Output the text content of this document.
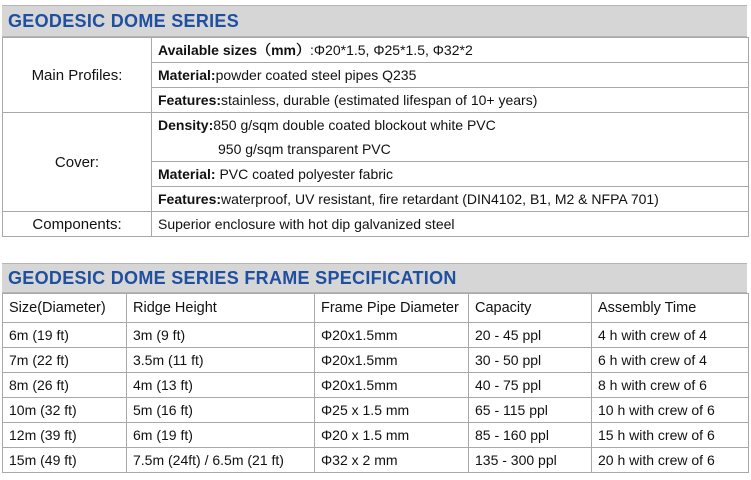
GEODESIC DOME SERIES
Main Profiles:	Available sizes（mm）:Φ20*1.5, Φ25*1.5, Φ32*2
	Material:powder coated steel pipes Q235
	Features:stainless, durable (estimated lifespan of 10+ years)
Cover:	Density:850 g/sqm double coated blockout white PVC
	950 g/sqm transparent PVC
	Material: PVC coated polyester fabric
	Features:waterproof, UV resistant, fire retardant (DIN4102, B1, M2 & NFPA 701)
Components:	Superior enclosure with hot dip galvanized steel
GEODESIC DOME SERIES FRAME SPECIFICATION
Size(Diameter)	Ridge Height	Frame Pipe Diameter	Capacity	Assembly Time
6m (19 ft)	3m (9 ft)	Φ20x1.5mm	20 - 45 ppl	4 h with crew of 4
7m (22 ft)	3.5m (11 ft)	Φ20x1.5mm	30 - 50 ppl	6 h with crew of 4
8m (26 ft)	4m (13 ft)	Φ20x1.5mm	40 - 75 ppl	8 h with crew of 6
10m (32 ft)	5m (16 ft)	Φ25 x 1.5 mm	65 - 115 ppl	10 h with crew of 6
12m (39 ft)	6m (19 ft)	Φ20 x 1.5 mm	85 - 160 ppl	15 h with crew of 6
15m (49 ft)	7.5m (24ft) / 6.5m (21 ft)	Φ32 x 2 mm	135 - 300 ppl	20 h with crew of 6
